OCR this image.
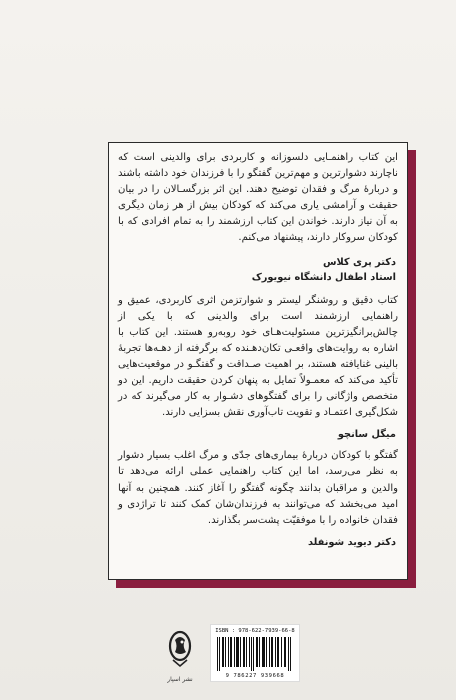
این کتاب راهنمـایی دلسوزانه و کاربردی برای والدینی است که ناچارند دشوارترین و مهم‌ترین گفتگو را با فرزندان خود داشته باشند و دربارهٔ مرگ و فقدان توضیح دهند. این اثر بزرگسـالان را در بیان حقیقت و آرامشی یاری می‌کند که کودکان بیش از هر زمان دیگری به آن نیاز دارند. خواندن این کتاب ارزشمند را به تمام افرادی که با کودکان سروکار دارند، پیشنهاد می‌کنم.

دکتر پری کلاس

استاد اطفال دانشگاه نیویورک

کتاب دقیق و روشنگر لیستر و شوارتزمن اثری کاربردی، عمیق و راهنمایی ارزشمند است برای والدینی که با یکی از چالش‌برانگیزترین مسئولیت‌هـای خود روبه‌رو هستند. این کتاب با اشاره به روایت‌های واقعـی تکان‌دهـنده که برگرفته از دهـه‌ها تجربهٔ بالینی غنایافته هستند، بر اهمیت صـداقت و گفتگـو در موقعیت‌هایی تأکید می‌کند که معمـولاً تمایل به پنهان کردن حقیقت داریم. این دو متخصص واژگانی را برای گفتگوهای دشـوار به کار می‌گیرند که در شکل‌گیری اعتمـاد و تقویت تاب‌آوری نقش بسزایی دارند.

میگل سانچو

گفتگو با کودکان دربارهٔ بیماری‌های جدّی و مرگ اغلب بسیار دشوار به نظر می‌رسد، اما این کتاب راهنمایی عملی ارائه می‌دهد تا والدین و مراقبان بدانند چگونه گفتگو را آغاز کنند. همچنین به آنها امید می‌بخشد که می‌توانند به فرزندان‌شان کمک کنند تا تراژدی و فقدان خانواده را با موفقیّت پشت‌سر بگذارند.

دکتر دیوید شونفلد

نشر اسپار
ISBN : 978-622-7939-66-8
9 786227 939668
